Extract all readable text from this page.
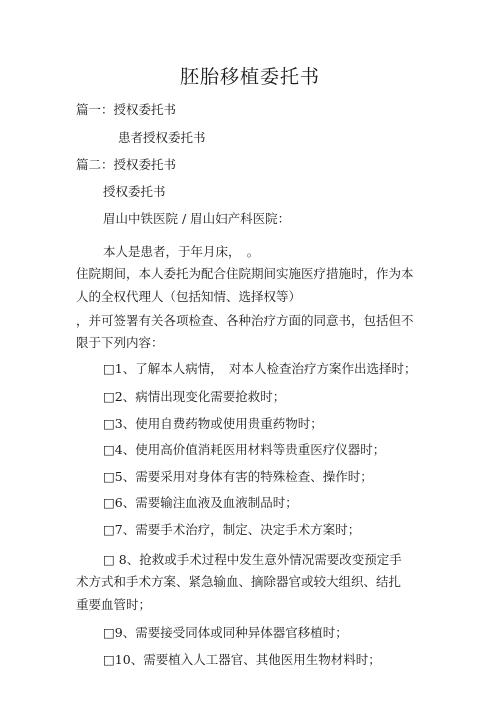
胚胎移植委托书
篇一：授权委托书
患者授权委托书
篇二：授权委托书
授权委托书
眉山中铁医院 / 眉山妇产科医院：
本人是患者，于年月床，　。
住院期间，本人委托为配合住院期间实施医疗措施时，作为本
人的全权代理人（包括知情、选择权等）
，并可签署有关各项检查、各种治疗方面的同意书，包括但不
限于下列内容：
□1、了解本人病情，　对本人检查治疗方案作出选择时；
□2、病情出现变化需要抢救时；
□3、使用自费药物或使用贵重药物时；
□4、使用高价值消耗医用材料等贵重医疗仪器时；
□5、需要采用对身体有害的特殊检查、操作时；
□6、需要输注血液及血液制品时；
□7、需要手术治疗，制定、决定手术方案时；
□ 8、抢救或手术过程中发生意外情况需要改变预定手
术方式和手术方案、紧急输血、摘除器官或较大组织、结扎
重要血管时；
□9、需要接受同体或同种异体器官移植时；
□10、需要植入人工器官、其他医用生物材料时；
